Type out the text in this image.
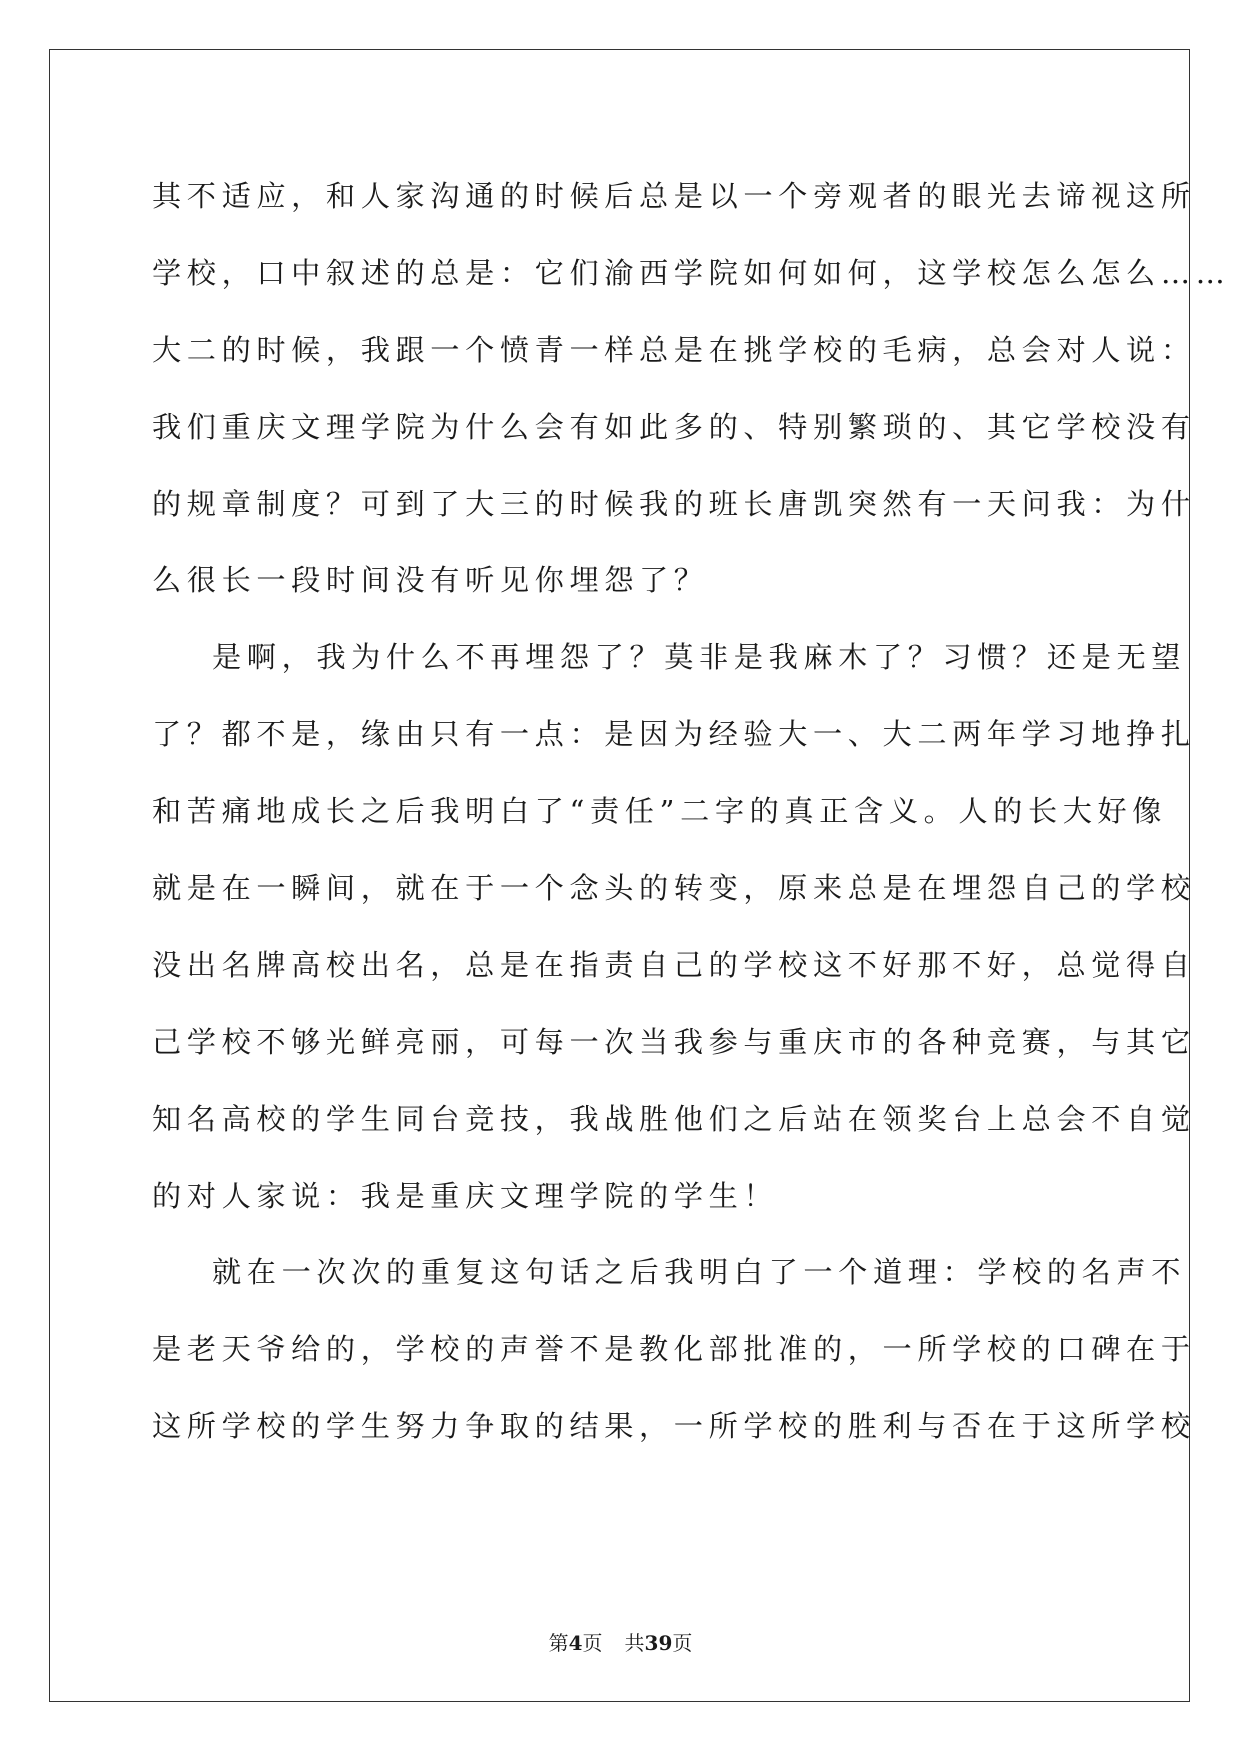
其不适应，和人家沟通的时候后总是以一个旁观者的眼光去谛视这所
学校，口中叙述的总是：它们渝西学院如何如何，这学校怎么怎么……
大二的时候，我跟一个愤青一样总是在挑学校的毛病，总会对人说：
我们重庆文理学院为什么会有如此多的、特别繁琐的、其它学校没有
的规章制度？可到了大三的时候我的班长唐凯突然有一天问我：为什
么很长一段时间没有听见你埋怨了？
是啊，我为什么不再埋怨了？莫非是我麻木了？习惯？还是无望
了？都不是，缘由只有一点：是因为经验大一、大二两年学习地挣扎
和苦痛地成长之后我明白了“责任”二字的真正含义。人的长大好像
就是在一瞬间，就在于一个念头的转变，原来总是在埋怨自己的学校
没出名牌高校出名，总是在指责自己的学校这不好那不好，总觉得自
己学校不够光鲜亮丽，可每一次当我参与重庆市的各种竞赛，与其它
知名高校的学生同台竞技，我战胜他们之后站在领奖台上总会不自觉
的对人家说：我是重庆文理学院的学生！
就在一次次的重复这句话之后我明白了一个道理：学校的名声不
是老天爷给的，学校的声誉不是教化部批准的，一所学校的口碑在于
这所学校的学生努力争取的结果，一所学校的胜利与否在于这所学校
第4页 共39页
